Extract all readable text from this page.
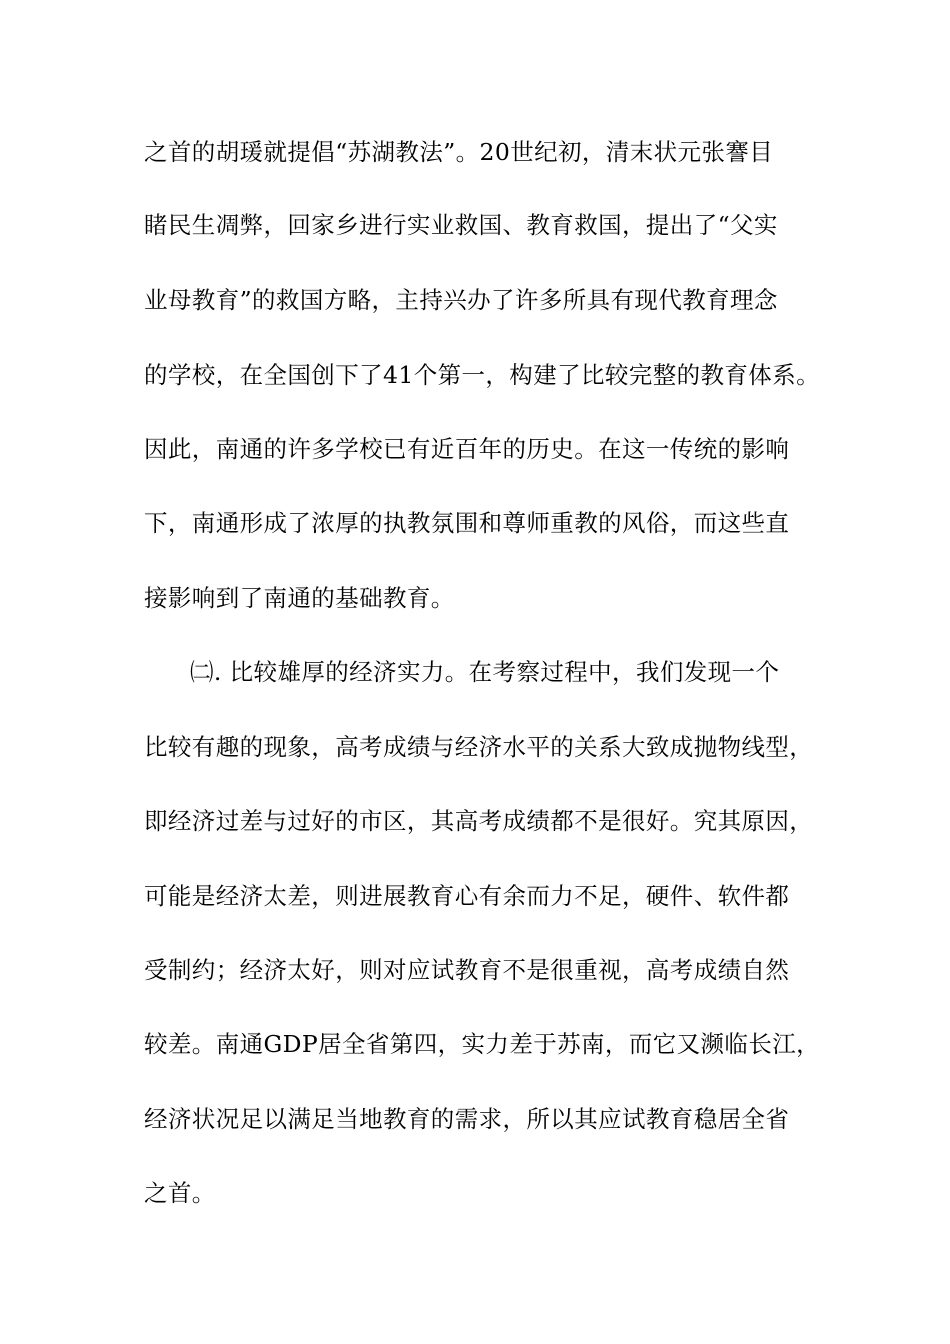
之首的胡瑗就提倡“苏湖教法”。20世纪初，清末状元张謇目
睹民生凋弊，回家乡进行实业救国、教育救国，提出了“父实
业母教育”的救国方略，主持兴办了许多所具有现代教育理念
的学校，在全国创下了41个第一，构建了比较完整的教育体系。
因此，南通的许多学校已有近百年的历史。在这一传统的影响
下，南通形成了浓厚的执教氛围和尊师重教的风俗，而这些直
接影响到了南通的基础教育。
㈡. 比较雄厚的经济实力。在考察过程中，我们发现一个
比较有趣的现象，高考成绩与经济水平的关系大致成抛物线型，
即经济过差与过好的市区，其高考成绩都不是很好。究其原因，
可能是经济太差，则进展教育心有余而力不足，硬件、软件都
受制约；经济太好，则对应试教育不是很重视，高考成绩自然
较差。南通GDP居全省第四，实力差于苏南，而它又濒临长江，
经济状况足以满足当地教育的需求，所以其应试教育稳居全省
之首。
